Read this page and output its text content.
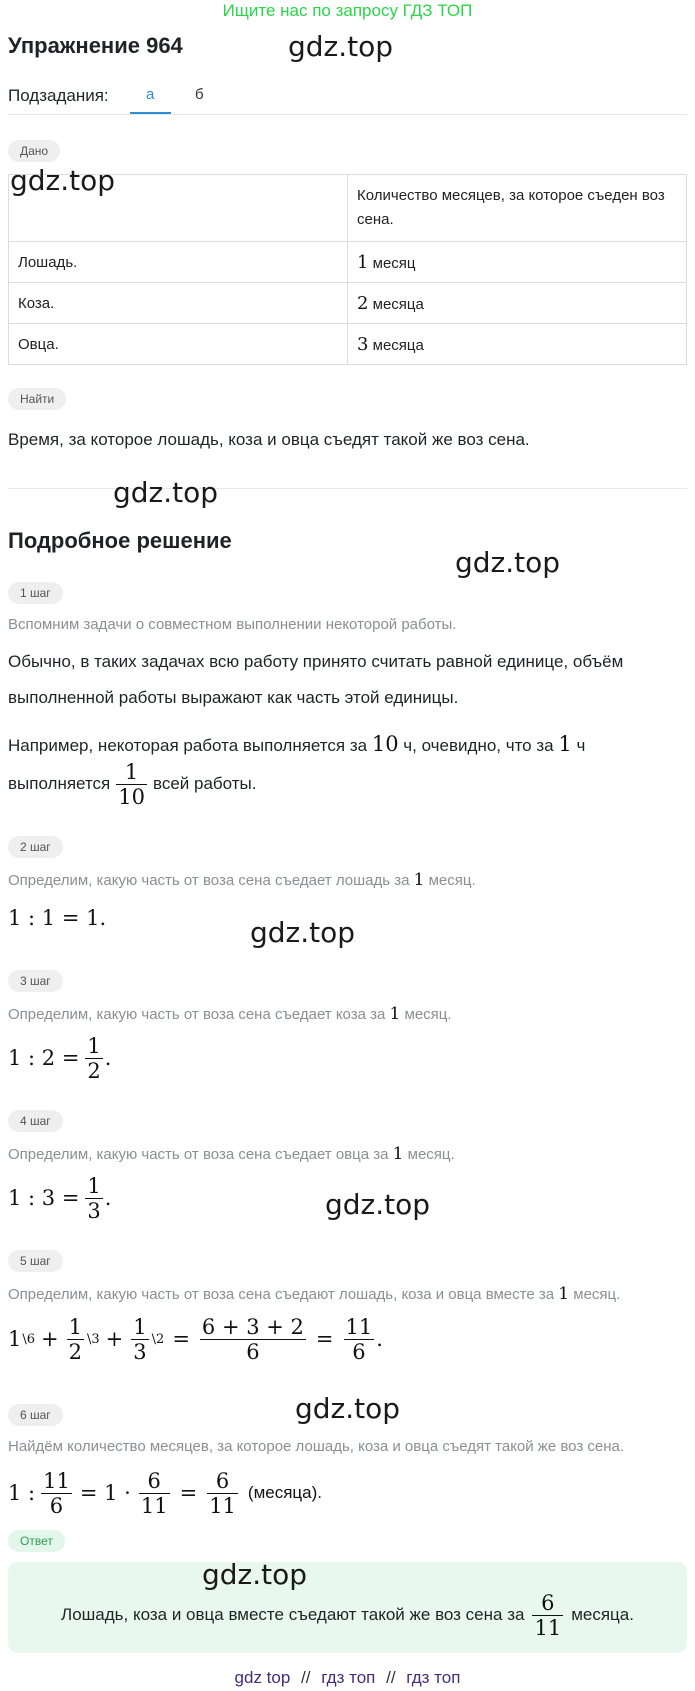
Ищите нас по запросу ГДЗ ТОП
Упражнение 964	gdz.top
Подзадания: а	б
Дано
	Количество месяцев, за которое съеден воз сена.
Лошадь.	1 месяц
Коза.	2 месяца
Овца.	3 месяца
gdz.top
Найти
Время, за которое лошадь, коза и овца съедят такой же воз сена.
gdz.top
Подробное решение
gdz.top
1 шаг
Вспомним задачи о совместном выполнении некоторой работы.
Обычно, в таких задачах всю работу принято считать равной единице, объём
выполненной работы выражают как часть этой единицы.
Например, некоторая работа выполняется за 10 ч, очевидно, что за 1 ч
выполняется $\frac{1}{10}$ всей работы.
2 шаг
Определим, какую часть от воза сена съедает лошадь за 1 месяц.
1 : 1 = 1.	gdz.top
3 шаг
Определим, какую часть от воза сена съедает коза за 1 месяц.
1 : $2 = \frac{1}{2}$ .
4 шаг
Определим, какую часть от воза сена съедает овца за 1 месяц.
1 : $3 = \frac{1}{3}$ .	gdz.top
5 шаг
Определим, какую часть от воза сена съедают лошадь, коза и овца вместе за 1 месяц.
1 \6 + $\frac{1}{2}$ \3 + $\frac{1}{3}$ \2 = $\frac{6 + 3 + 2}{6} = \frac{11}{6}$ .
6 шаг	gdz.top
Найдём количество месяцев, за которое лошадь, коза и овца съедят такой же воз сена.
1 : $\frac{11}{6} = 1 \cdot \frac{6}{11} = \frac{6}{11}$ (месяца).
Ответ
Лошадь, коза и овца вместе съедают такой же воз сена за $\frac{6}{11}$ месяца.
gdz.top
gdz top // гдз топ // гдз топ
